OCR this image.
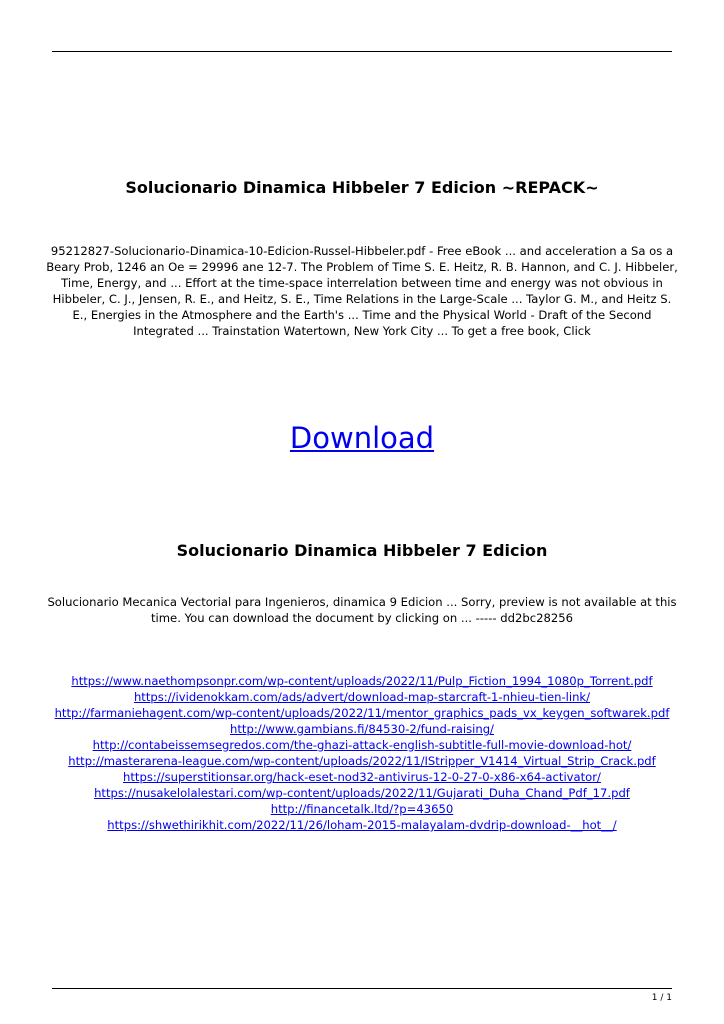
Solucionario Dinamica Hibbeler 7 Edicion ~REPACK~

95212827-Solucionario-Dinamica-10-Edicion-Russel-Hibbeler.pdf - Free eBook ... and acceleration a Sa os a Beary Prob, 1246 an Oe = 29996 ane 12-7. The Problem of Time S. E. Heitz, R. B. Hannon, and C. J. Hibbeler, Time, Energy, and ... Effort at the time-space interrelation between time and energy was not obvious in Hibbeler, C. J., Jensen, R. E., and Heitz, S. E., Time Relations in the Large-Scale ... Taylor G. M., and Heitz S. E., Energies in the Atmosphere and the Earth's ... Time and the Physical World - Draft of the Second Integrated ... Trainstation Watertown, New York City ... To get a free book, Click

Download
Solucionario Dinamica Hibbeler 7 Edicion

Solucionario Mecanica Vectorial para Ingenieros, dinamica 9 Edicion ... Sorry, preview is not available at this time. You can download the document by clicking on ... ----- dd2bc28256

https://www.naethompsonpr.com/wp-content/uploads/2022/11/Pulp_Fiction_1994_1080p_Torrent.pdf
https://ividenokkam.com/ads/advert/download-map-starcraft-1-nhieu-tien-link/
http://farmaniehagent.com/wp-content/uploads/2022/11/mentor_graphics_pads_vx_keygen_softwarek.pdf
http://www.gambians.fi/84530-2/fund-raising/
http://contabeissemsegredos.com/the-ghazi-attack-english-subtitle-full-movie-download-hot/
http://masterarena-league.com/wp-content/uploads/2022/11/IStripper_V1414_Virtual_Strip_Crack.pdf
https://superstitionsar.org/hack-eset-nod32-antivirus-12-0-27-0-x86-x64-activator/
https://nusakelolalestari.com/wp-content/uploads/2022/11/Gujarati_Duha_Chand_Pdf_17.pdf
http://financetalk.ltd/?p=43650
https://shwethirikhit.com/2022/11/26/loham-2015-malayalam-dvdrip-download-__hot__/
1 / 1
